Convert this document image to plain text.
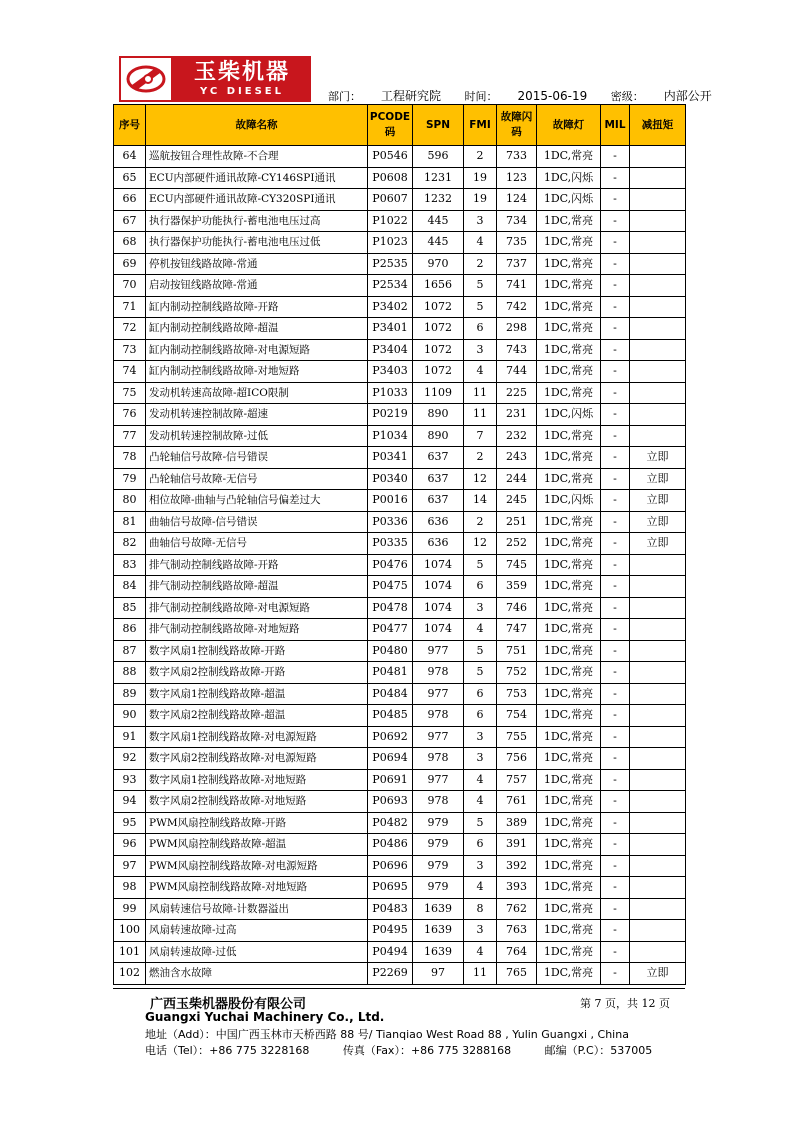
玉柴机器
YC DIESEL	部门： 工程研究院 时间： 2015-06-19 密级： 内部公开
序号	故障名称	PCODE码	SPN	FMI	故障闪码	故障灯	MIL	减扭矩
64	巡航按钮合理性故障-不合理	P0546	596	2	733	1DC,常亮	-	
65	ECU内部硬件通讯故障-CY146SPI通讯	P0608	1231	19	123	1DC,闪烁	-	
66	ECU内部硬件通讯故障-CY320SPI通讯	P0607	1232	19	124	1DC,闪烁	-	
67	执行器保护功能执行-蓄电池电压过高	P1022	445	3	734	1DC,常亮	-	
68	执行器保护功能执行-蓄电池电压过低	P1023	445	4	735	1DC,常亮	-	
69	停机按钮线路故障-常通	P2535	970	2	737	1DC,常亮	-	
70	启动按钮线路故障-常通	P2534	1656	5	741	1DC,常亮	-	
71	缸内制动控制线路故障-开路	P3402	1072	5	742	1DC,常亮	-	
72	缸内制动控制线路故障-超温	P3401	1072	6	298	1DC,常亮	-	
73	缸内制动控制线路故障-对电源短路	P3404	1072	3	743	1DC,常亮	-	
74	缸内制动控制线路故障-对地短路	P3403	1072	4	744	1DC,常亮	-	
75	发动机转速高故障-超ICO限制	P1033	1109	11	225	1DC,常亮	-	
76	发动机转速控制故障-超速	P0219	890	11	231	1DC,闪烁	-	
77	发动机转速控制故障-过低	P1034	890	7	232	1DC,常亮	-	
78	凸轮轴信号故障-信号错误	P0341	637	2	243	1DC,常亮	-	立即
79	凸轮轴信号故障-无信号	P0340	637	12	244	1DC,常亮	-	立即
80	相位故障-曲轴与凸轮轴信号偏差过大	P0016	637	14	245	1DC,闪烁	-	立即
81	曲轴信号故障-信号错误	P0336	636	2	251	1DC,常亮	-	立即
82	曲轴信号故障-无信号	P0335	636	12	252	1DC,常亮	-	立即
83	排气制动控制线路故障-开路	P0476	1074	5	745	1DC,常亮	-	
84	排气制动控制线路故障-超温	P0475	1074	6	359	1DC,常亮	-	
85	排气制动控制线路故障-对电源短路	P0478	1074	3	746	1DC,常亮	-	
86	排气制动控制线路故障-对地短路	P0477	1074	4	747	1DC,常亮	-	
87	数字风扇1控制线路故障-开路	P0480	977	5	751	1DC,常亮	-	
88	数字风扇2控制线路故障-开路	P0481	978	5	752	1DC,常亮	-	
89	数字风扇1控制线路故障-超温	P0484	977	6	753	1DC,常亮	-	
90	数字风扇2控制线路故障-超温	P0485	978	6	754	1DC,常亮	-	
91	数字风扇1控制线路故障-对电源短路	P0692	977	3	755	1DC,常亮	-	
92	数字风扇2控制线路故障-对电源短路	P0694	978	3	756	1DC,常亮	-	
93	数字风扇1控制线路故障-对地短路	P0691	977	4	757	1DC,常亮	-	
94	数字风扇2控制线路故障-对地短路	P0693	978	4	761	1DC,常亮	-	
95	PWM风扇控制线路故障-开路	P0482	979	5	389	1DC,常亮	-	
96	PWM风扇控制线路故障-超温	P0486	979	6	391	1DC,常亮	-	
97	PWM风扇控制线路故障-对电源短路	P0696	979	3	392	1DC,常亮	-	
98	PWM风扇控制线路故障-对地短路	P0695	979	4	393	1DC,常亮	-	
99	风扇转速信号故障-计数器溢出	P0483	1639	8	762	1DC,常亮	-	
100	风扇转速故障-过高	P0495	1639	3	763	1DC,常亮	-	
101	风扇转速故障-过低	P0494	1639	4	764	1DC,常亮	-	
102	燃油含水故障	P2269	97	11	765	1DC,常亮	-	立即
广西玉柴机器股份有限公司	第 7 页，共 12 页
Guangxi Yuchai Machinery Co., Ltd.
地址（Add）：中国广西玉林市天桥西路 88 号/ Tianqiao West Road 88 , Yulin Guangxi , China
电话（Tel）：+86 775 3228168	传真（Fax）：+86 775 3288168	邮编（P.C）：537005
